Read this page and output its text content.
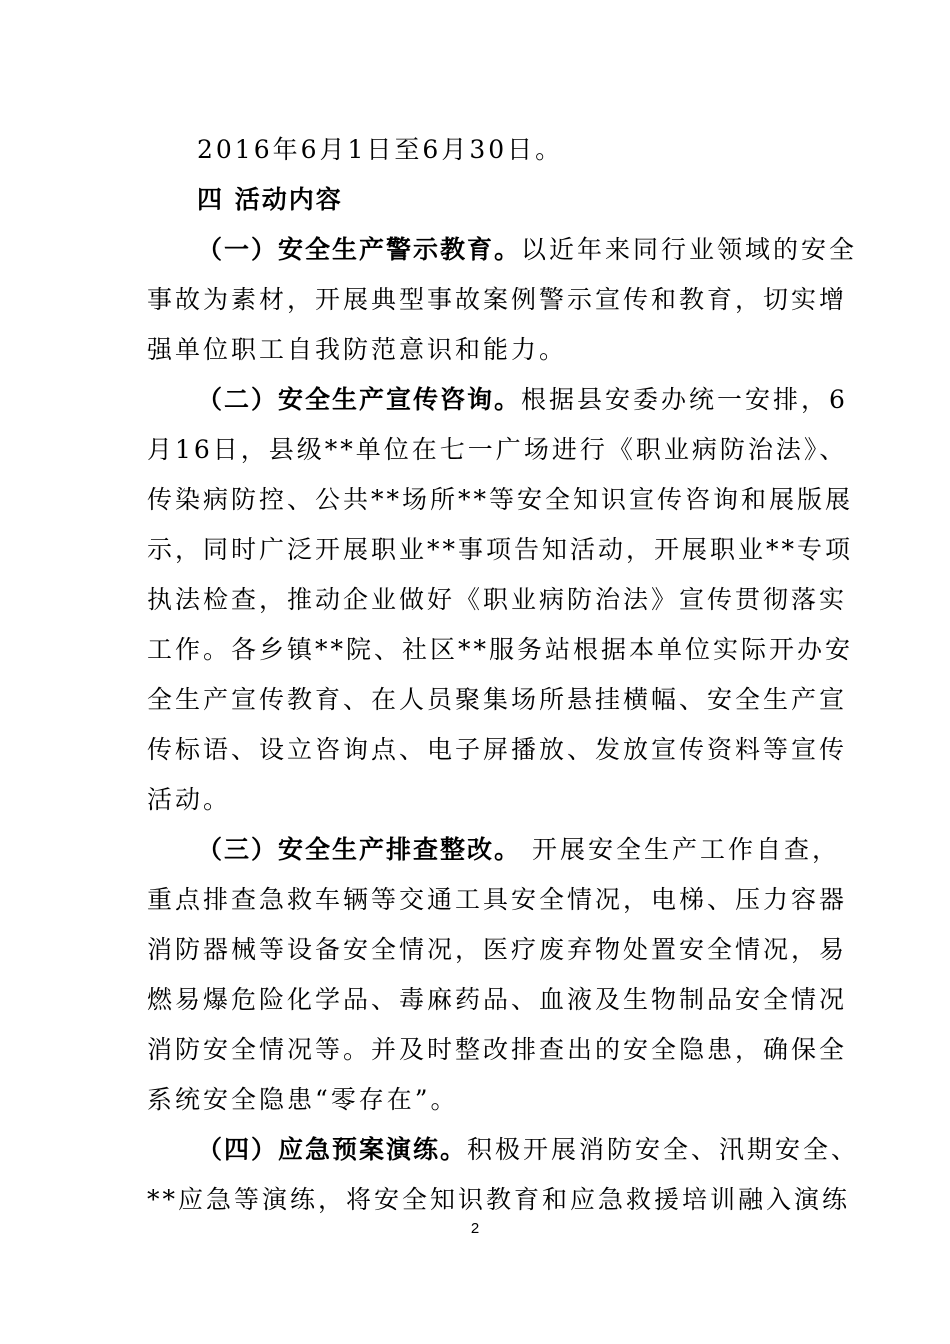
2016年6月1日至6月30日。
四 活动内容
（一）安全生产警示教育。以近年来同行业领域的安全
事故为素材，开展典型事故案例警示宣传和教育，切实增
强单位职工自我防范意识和能力。
（二）安全生产宣传咨询。根据县安委办统一安排，6
月16日，县级**单位在七一广场进行《职业病防治法》、
传染病防控、公共**场所**等安全知识宣传咨询和展版展
示，同时广泛开展职业**事项告知活动，开展职业**专项
执法检查，推动企业做好《职业病防治法》宣传贯彻落实
工作。各乡镇**院、社区**服务站根据本单位实际开办安
全生产宣传教育、在人员聚集场所悬挂横幅、安全生产宣
传标语、设立咨询点、电子屏播放、发放宣传资料等宣传
活动。
（三）安全生产排查整改。 开展安全生产工作自查，
重点排查急救车辆等交通工具安全情况，电梯、压力容器
消防器械等设备安全情况，医疗废弃物处置安全情况，易
燃易爆危险化学品、毒麻药品、血液及生物制品安全情况
消防安全情况等。并及时整改排查出的安全隐患，确保全
系统安全隐患“零存在”。
（四）应急预案演练。积极开展消防安全、汛期安全、
**应急等演练，将安全知识教育和应急救援培训融入演练
2
